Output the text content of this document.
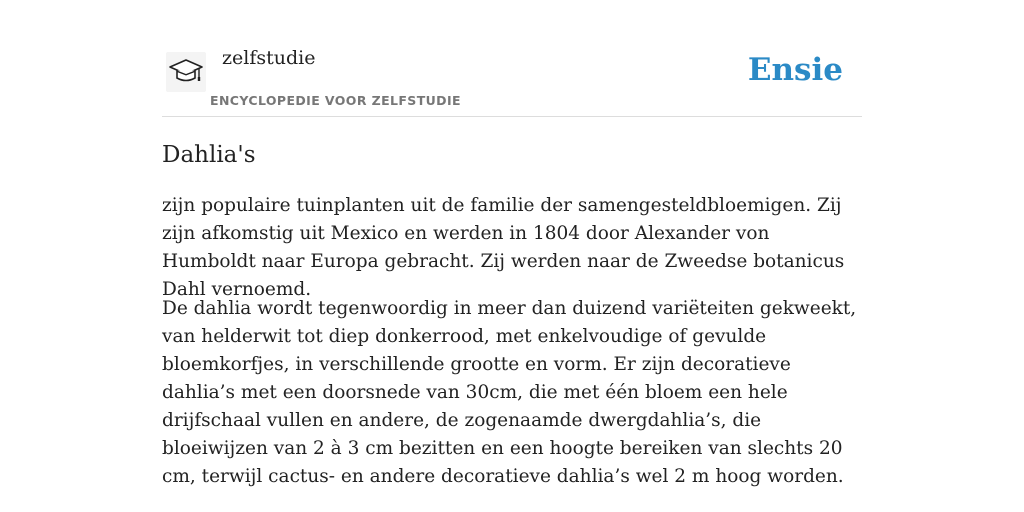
zelfstudie
ENCYCLOPEDIE VOOR ZELFSTUDIE
Ensie
Dahlia's

zijn populaire tuinplanten uit de familie der samengesteldbloemigen. Zij zijn afkomstig uit Mexico en werden in 1804 door Alexander von Humboldt naar Europa gebracht. Zij werden naar de Zweedse botanicus Dahl vernoemd.

De dahlia wordt tegenwoordig in meer dan duizend variëteiten gekweekt, van helderwit tot diep donkerrood, met enkelvoudige of gevulde bloemkorfjes, in verschillende grootte en vorm. Er zijn decoratieve dahlia’s met een doorsnede van 30cm, die met één bloem een hele drijfschaal vullen en andere, de zogenaamde dwergdahlia’s, die bloeiwijzen van 2 à 3 cm bezitten en een hoogte bereiken van slechts 20 cm, terwijl cactus- en andere decoratieve dahlia’s wel 2 m hoog worden.
